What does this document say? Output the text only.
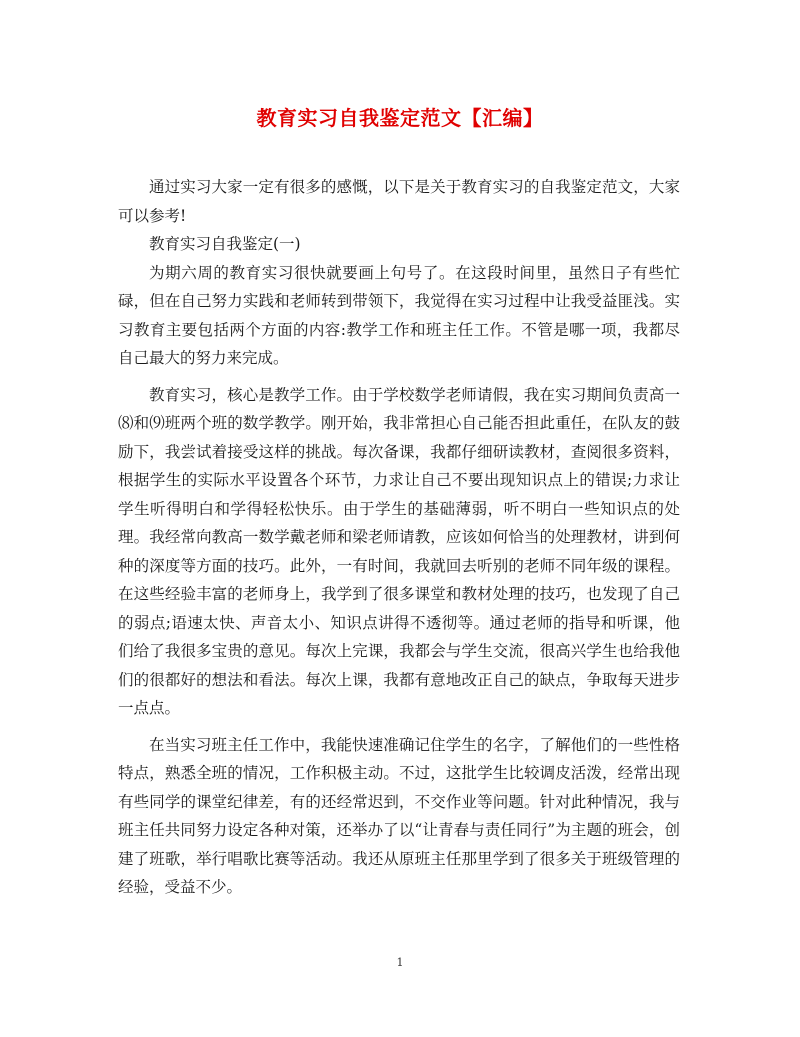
教育实习自我鉴定范文【汇编】

通过实习大家一定有很多的感慨，以下是关于教育实习的自我鉴定范文，大家可以参考!

教育实习自我鉴定(一)

为期六周的教育实习很快就要画上句号了。在这段时间里，虽然日子有些忙碌，但在自己努力实践和老师转到带领下，我觉得在实习过程中让我受益匪浅。实习教育主要包括两个方面的内容:教学工作和班主任工作。不管是哪一项，我都尽自己最大的努力来完成。

教育实习，核心是教学工作。由于学校数学老师请假，我在实习期间负责高一⑻和⑼班两个班的数学教学。刚开始，我非常担心自己能否担此重任，在队友的鼓励下，我尝试着接受这样的挑战。每次备课，我都仔细研读教材，查阅很多资料，根据学生的实际水平设置各个环节，力求让自己不要出现知识点上的错误;力求让学生听得明白和学得轻松快乐。由于学生的基础薄弱，听不明白一些知识点的处理。我经常向教高一数学戴老师和梁老师请教，应该如何恰当的处理教材，讲到何种的深度等方面的技巧。此外，一有时间，我就回去听别的老师不同年级的课程。在这些经验丰富的老师身上，我学到了很多课堂和教材处理的技巧，也发现了自己的弱点;语速太快、声音太小、知识点讲得不透彻等。通过老师的指导和听课，他们给了我很多宝贵的意见。每次上完课，我都会与学生交流，很高兴学生也给我他们的很都好的想法和看法。每次上课，我都有意地改正自己的缺点，争取每天进步一点点。

在当实习班主任工作中，我能快速准确记住学生的名字，了解他们的一些性格特点，熟悉全班的情况，工作积极主动。不过，这批学生比较调皮活泼，经常出现有些同学的课堂纪律差，有的还经常迟到，不交作业等问题。针对此种情况，我与班主任共同努力设定各种对策，还举办了以“让青春与责任同行”为主题的班会，创建了班歌，举行唱歌比赛等活动。我还从原班主任那里学到了很多关于班级管理的经验，受益不少。

1
